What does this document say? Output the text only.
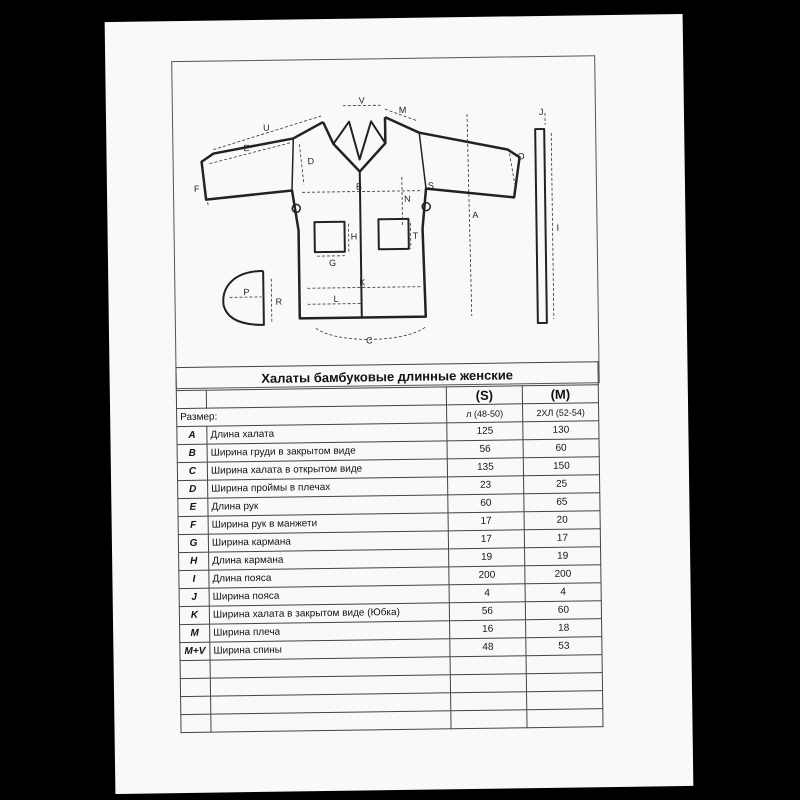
V
M
U
E
F
D
B
N
S
O
A
J
I
H
G
T
K
L
C
P
R
Халаты бамбуковые длинные женские			
		(S)	(M)
Размер:		л (48-50)	2ХЛ (52-54)
A	Длина халата	125	130
B	Ширина груди в закрытом виде	56	60
C	Ширина халата в открытом виде	135	150
D	Ширина проймы в плечах	23	25
E	Длина рук	60	65
F	Ширина рук в манжети	17	20
G	Ширина кармана	17	17
H	Длина кармана	19	19
I	Длина пояса	200	200
J	Ширина пояса	4	4
K	Ширина халата в закрытом виде (Юбка)	56	60
M	Ширина плеча	16	18
M+V	Ширина спины	48	53
